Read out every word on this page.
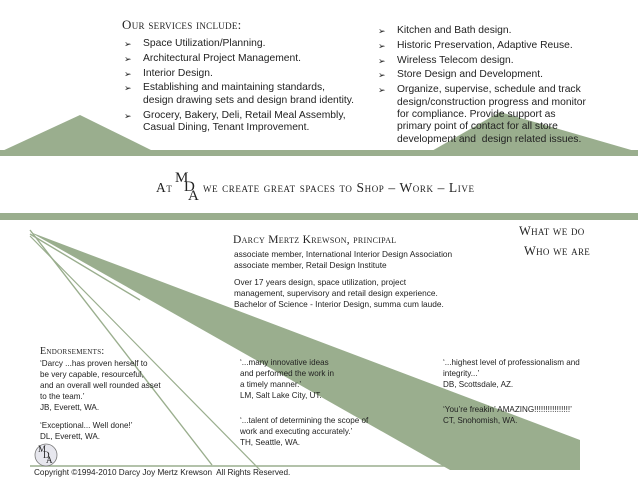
Our services include:
➢ Space Utilization/Planning.
➢ Architectural Project Management.
➢ Interior Design.
➢ Establishing and maintaining standards,
design drawing sets and design brand identity.
➢ Grocery, Bakery, Deli, Retail Meal Assembly,
Casual Dining, Tenant Improvement.
➢ Kitchen and Bath design.
➢ Historic Preservation, Adaptive Reuse.
➢ Wireless Telecom design.
➢ Store Design and Development.
➢ Organize, supervise, schedule and track
design/construction progress and monitor
for compliance. Provide support as
primary point of contact for all store
development and  design related issues.
At
M
D
A
we create great spaces to Shop – Work – Live
What we do
Who we are
Darcy Mertz Krewson, principal
associate member, International Interior Design Association
associate member, Retail Design Institute
Over 17 years design, space utilization, project
management, supervisory and retail design experience.
Bachelor of Science - Interior Design, summa cum laude.
Endorsements:
‘Darcy ...has proven herself to
be very capable, resourceful,
and an overall well rounded asset
to the team.’
JB, Everett, WA.
‘Exceptional... Well done!’
DL, Everett, WA.
‘...many innovative ideas
and performed the work in
a timely manner.’
LM, Salt Lake City, UT.
‘...talent of determining the scope of
work and executing accurately.’
TH, Seattle, WA.
‘...highest level of professionalism and
integrity...’
DB, Scottsdale, AZ.
‘You’re freakin’ AMAZING!!!!!!!!!!!!!!!!’
CT, Snohomish, WA.
M
D
A
Copyright ©1994-2010 Darcy Joy Mertz Krewson  All Rights Reserved.
